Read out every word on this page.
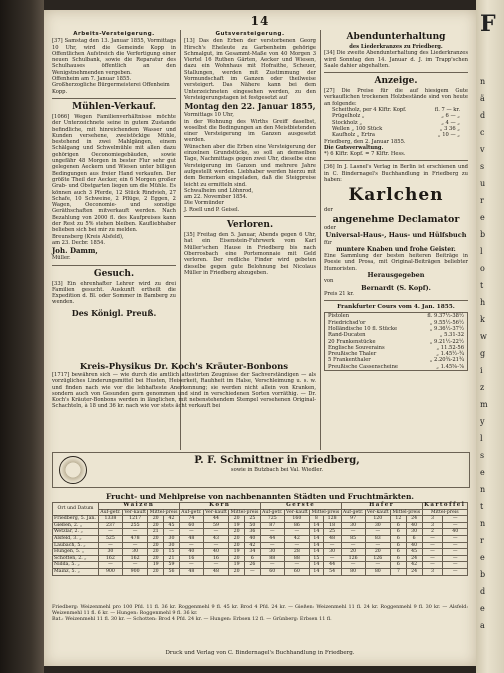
14
Arbeits-Versteigerung.

[37] Samstag den 13. Januar 1855, Vormittags 10 Uhr, wird die Gemeinde Kopp in Offentlichen Aufstreich die Verfertigung einer neuen Schulbank, sowie die Reparatur des Schulhauses öffentlich an den Wenigstnehmenden vergeben.

Offenheim am 7. Januar 1855.

Großherzogliche Bürgermeisterei Offenheim

Kopp.

Mühlen-Verkauf.

[1066] Wegen Familienverhältnisse möchte der Unterzeichnete seine in gutem Zustande befindliche, mit hinreichendem Wasser und Kunden versehene, zweistöckige Mühle, bestehend in zwei Mahlgängen, einem Schälgang und Schwelmühle mit allen dazu gehörigen Oeconomiegebäuden, sowie ungefähr 48 Morgen in bester Flur sehr gut gelegenen Aeckern und Wiesen unter billigen Bedingungen aus freier Hand verkaufen. Der größte Theil der Aecker, ein 6 Morgen großer Grab- und Obstgarten liegen um die Mühle. Es können auch 3 Pferde, 12 Stück Rindvieh, 27 Schafe, 10 Schweine, 2 Pflüge, 2 Eggen, 2 Wagen, Oeconomie- und sonstige Geräthschaften mitverkauft werden. Nach Bezahlung von 2000 fl. des Kaufpreises kann der Rest zu 5% stehen bleiben. Kaufliebhaber belieben sich bei mir zu melden.

Breunsberg (Kreis Alsfeld),

am 23. Decbr. 1854.

Joh. Damm,

Müller.

Gesuch.

[33] Ein ehrenhafter Lehrer wird zu drei Familien gesucht. Auskunft ertheilt die Expedition d. Bl. oder Sommer in Bamberg zu wenden.

Des Königl. Preuß.
Gutsversteigerung.

[13] Das den Erben der verstorbenen Georg Hirsch's Eheleute zu Garbenheim gehörige Schmalgut, im Gesammt-Maße von 40 Morgen 3 Viertel 16 Ruthen Gärten, Aecker und Wiesen, dazu ein Wohnhaus mit Hofraithe, Scheuer, Stallungen, werden mit Zustimmung der Vormundschaft im Ganzen oder theilweise versteigert. Das Nähere kann bei dem Unterzeichneten eingesehen werden, zu den Versteigerungstagen ist festgesetzt auf

Montag den 22. Januar 1855,

Vormittags 10 Uhr,

in der Wohnung des Wirths Greiff daselbst, woselbst die Bedingungen an den Meistbietenden einer Versteigerung im Ganzen ausgesetzt werden.

Wünschen aber die Erben eine Versteigerung der einzelnen Grundstücke, so soll an demselben Tage, Nachmittags gegen zwei Uhr, dieselbe eine Versteigerung im Ganzen und mehrere Jahre aufgestellt werden. Liebhaber werden hierzu mit dem Bemerken eingeladen, daß die Steigpreise leicht zu ermitteln sind.

Schwalheim und Löhnrod,

am 22. November 1854.

Die Vormünder

J. Roell und P. Geisel.

Verloren.

[35] Freitag den 5. Januar, Abends gegen 6 Uhr, hat ein Eisenstein-Fuhrwerk vom Karl Müller'schen Hause in Friedberg bis nach Oberrosbach eine Portemonnaie mit Geld verloren. Der redliche Finder wird gebeten dieselbe gegen gute Belohnung bei Nicolaus Müller in Friedberg abzugeben.

Abendunterhaltung
des Liederkranzes zu Friedberg.

[34] Die zweite Abendunterhaltung des Liederkranzes wird Sonntag den 14. Januar d. J. im Trapp'schen Saale dahier abgehalten.

Anzeige.

[27] Die Preise für die auf hiesigem Gute verkauflichen trockenen Holzbestände sind von heute an folgende:

Scheitholz, per 4 Klftr. Kopf.	fl. 7 — kr.
Prügelholz „	„ 6 — „
Stockholz „	„ 4 — „
Wellen „ 100 Stück	„ 3 36 „
Kaufholz „ Ertra	„ 10 — „

Friedberg, den 2. Januar 1855.

Die Gutsverwaltung.

*) 6 Klftr. Kopf. = 7 Klftr. Hess.

[36] In J. Lasnel's Verlag in Berlin ist erschienen und in C. Bindernagel's Buchhandlung in Friedberg zu haben:

Karlchen

der

angenehme Declamator

oder

Universal-Haus-, Haus- und Hülfsbuch

für

muntere Knaben und frohe Geister.

Eine Sammlung der besten heiteren Beiträge in Poesie und Prosa, mit Original-Beiträgen beliebter Humoristen.

Herausgegeben

von

Bernardt (S. Kopf).

Preis 21 kr.

Frankfurter Cours vom 4. Jan. 1855.
Pistolen	fl. 9.37½-38½
Friedrichsd'or	„ 9.55½-56½
Holländische 10 fl. Stücke	„ 9.36½-37½
Rand-Ducaten	„ 5.31-32
20 Frankenstücke	„ 9.21½-22½
Englische Souverains	„ 11.52-56
Preußische Thaler	„ 1.45½-¾
5 Frankenthaler	„ 2.20¾-21¾
Preußische Cassenscheine	„ 1.45⅝-⅞
Kreis-Physikus Dr. Koch's Kräuter-Bonbons

[1717] bewähren sich — wie durch die amtlich attestirten Zeugnisse der Sachverständigen — als vorzügliches Linderungsmittel bei Husten, Heiserkeit, Rauhheit im Halse, Verschleimung u. s. w. und finden nach wie vor die lebhafteste Anerkennung; sie werden nicht allein von Kranken, sondern auch von Gesunden gern genommen und sind in verschiedenen Sorten vorräthig. — Dr. Koch's Kräuter-Bonbons werden in länglichen, mit nebenstehendem Stempel versehenen Original-Schachteln, à 18 und 36 kr. nach wie vor stets ächt verkauft bei

P. F. Schmittner in Friedberg,
sowie in Butzbach bei Val. Wiedler.
Frucht- und Mehlpreise von nachbenannten Städten und Fruchtmärkten.
Ort und Datum	Waizen				Korn				Gerste				Hafer				Kartoffel	
	Auf-getr.	Ver-kauft	Mittel-preis		Auf-getr.	Ver-kauft	Mittel-preis		Auf-getr.	Ver-kauft	Mittel-preis		Auf-getr.	Ver-kauft	Mittel-preis		Mittel-preis	
Friedberg, 5. Jan.	1338	1217	20	42	74	44	20	25	725	160	8	128	97	120	12	24	3	—
Gießen, 2. „	237	255	20	45	60	59	19	50	87	86	14	18	30	30	6	40	3	—
Wetzlar, 2. „	—	—	21	—	—	—	20	36	—	—	14	25	—	—	6	30	2	40
Alsfeld, 3. „	525	478	20	30	48	43	20	40	44	42	14	48	85	83	6	6	—	—
Laubach, 5. „	—	—	20	30	—	—	20	42	—	—	14	—	—	—	6	40	—	—
Hungen, 5. „	30	30	20	15	40	40	19	34	30	28	14	30	20	20	6	45	—	—
Schotten, 2. „	162	162	20	21	16	16	20	6	88	88	15	—	126	126	6	24	—	—
Nidda, 5. „	—	—	19	59	—	—	19	26	—	—	14	44	—	—	6	42	—	—
Mainz, 5. „	900	900	20	56	48	48	20	—	60	60	14	54	80	80	7	24	3	—

Friedberg: Weizenmehl pro 100 Pfd. 11 fl. 36 kr. Roggenmehl 9 fl. 45 kr. Brod 4 Pfd. 24 kr. — Gießen: Weizenmehl 11 fl. 24 kr. Roggenmehl 9 fl. 30 kr. — Alsfeld: Weizenmehl 11 fl. 6 kr. — Hungen: Roggenmehl 9 fl. 36 kr.

Bat.: Weizenmehl 11 fl. 30 kr. — Schotten: Brod 4 Pfd. 24 kr. — Hungen: Erbsen 12 fl. — Grünberg: Erbsen 11 fl.

Druck und Verlag von C. Bindernagel's Buchhandlung in Friedberg.
F
n
ä
d
c
v
s
u
r
e
b
l
o
t
h
k
w
g
i
z
m
y
l
s
e
n
t
n
r
e
b
d
e
a
